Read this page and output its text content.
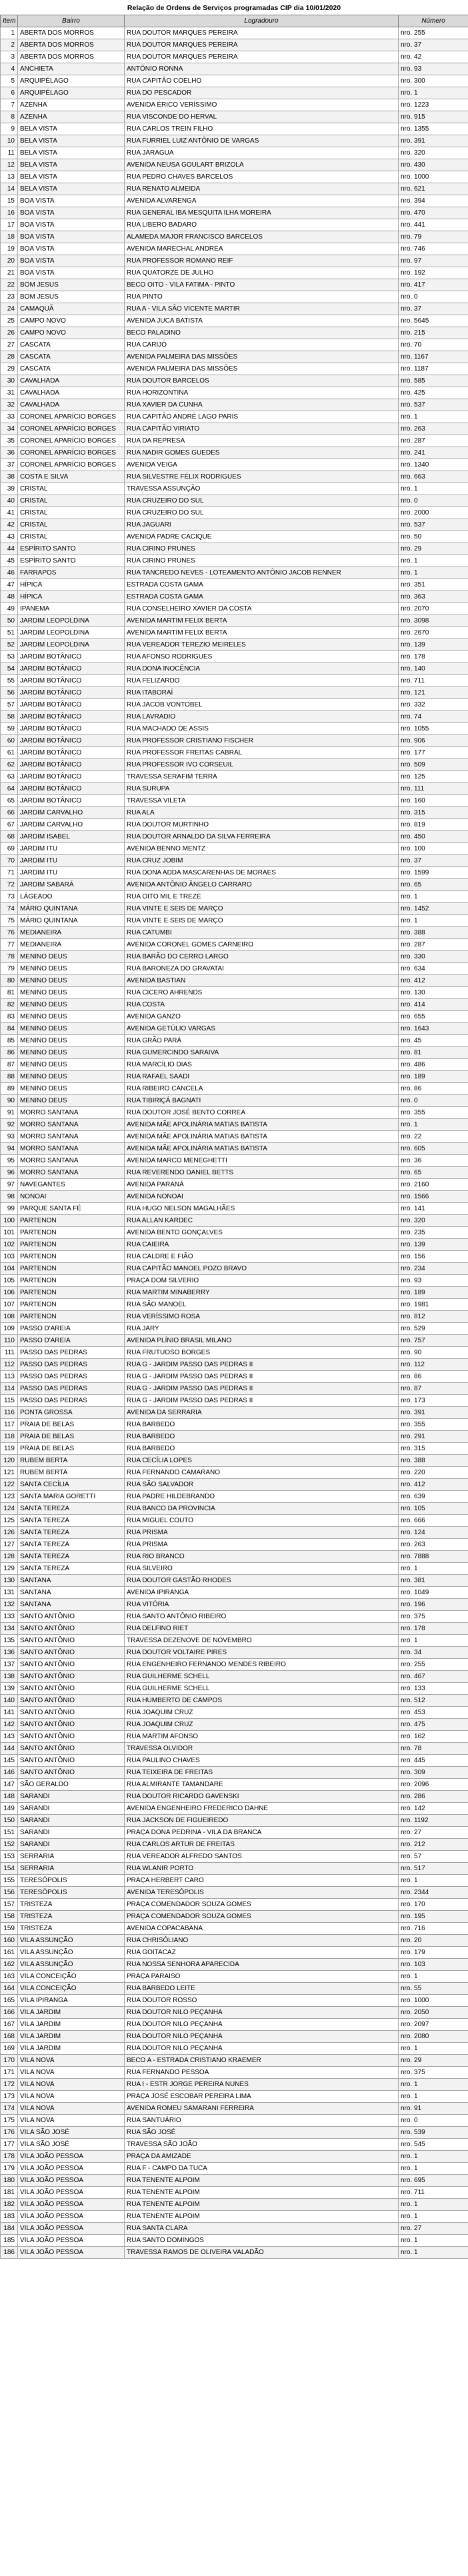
Relação de Ordens de Serviços programadas CIP dia 10/01/2020
Item	Bairro	Logradouro	Número
1	ABERTA DOS MORROS	RUA DOUTOR MARQUES PEREIRA	nro. 255
2	ABERTA DOS MORROS	RUA DOUTOR MARQUES PEREIRA	nro. 37
3	ABERTA DOS MORROS	RUA DOUTOR MARQUES PEREIRA	nro. 42
4	ANCHIETA	ANTÔNIO RONNA	nro. 93
5	ARQUIPÉLAGO	RUA CAPITÃO COELHO	nro. 300
6	ARQUIPÉLAGO	RUA DO PESCADOR	nro. 1
7	AZENHA	AVENIDA ÉRICO VERÍSSIMO	nro. 1223
8	AZENHA	RUA VISCONDE DO HERVAL	nro. 915
9	BELA VISTA	RUA CARLOS TREIN FILHO	nro. 1355
10	BELA VISTA	RUA FURRIEL LUIZ ANTÔNIO DE VARGAS	nro. 391
11	BELA VISTA	RUA JARAGUA	nro. 320
12	BELA VISTA	AVENIDA NEUSA GOULART BRIZOLA	nro. 430
13	BELA VISTA	RUA PEDRO CHAVES BARCELOS	nro. 1000
14	BELA VISTA	RUA RENATO ALMEIDA	nro. 621
15	BOA VISTA	AVENIDA ALVARENGA	nro. 394
16	BOA VISTA	RUA GENERAL IBA MESQUITA ILHA MOREIRA	nro. 470
17	BOA VISTA	RUA LIBERO BADARO	nro. 441
18	BOA VISTA	ALAMEDA MAJOR FRANCISCO BARCELOS	nro. 79
19	BOA VISTA	AVENIDA MARECHAL ANDREA	nro. 746
20	BOA VISTA	RUA PROFESSOR ROMANO REIF	nro. 97
21	BOA VISTA	RUA QUATORZE DE JULHO	nro. 192
22	BOM JESUS	BECO OITO - VILA FATIMA - PINTO	nro. 417
23	BOM JESUS	RUA PINTO	nro. 0
24	CAMAQUÃ	RUA A - VILA SÃO VICENTE MARTIR	nro. 37
25	CAMPO NOVO	AVENIDA JUCA BATISTA	nro. 5645
26	CAMPO NOVO	BECO PALADINO	nro. 215
27	CASCATA	RUA CARIJÓ	nro. 70
28	CASCATA	AVENIDA PALMEIRA DAS MISSÕES	nro. 1167
29	CASCATA	AVENIDA PALMEIRA DAS MISSÕES	nro. 1187
30	CAVALHADA	RUA DOUTOR BARCELOS	nro. 585
31	CAVALHADA	RUA HORIZONTINA	nro. 425
32	CAVALHADA	RUA XAVIER DA CUNHA	nro. 537
33	CORONEL APARÍCIO BORGES	RUA CAPITÃO ANDRÉ LAGO PARIS	nro. 1
34	CORONEL APARÍCIO BORGES	RUA CAPITÃO VIRIATO	nro. 263
35	CORONEL APARÍCIO BORGES	RUA DA REPRESA	nro. 287
36	CORONEL APARÍCIO BORGES	RUA NADIR GOMES GUEDES	nro. 241
37	CORONEL APARÍCIO BORGES	AVENIDA VEIGA	nro. 1340
38	COSTA E SILVA	RUA SILVESTRE FÉLIX RODRIGUES	nro. 663
39	CRISTAL	TRAVESSA ASSUNÇÃO	nro. 1
40	CRISTAL	RUA CRUZEIRO DO SUL	nro. 0
41	CRISTAL	RUA CRUZEIRO DO SUL	nro. 2000
42	CRISTAL	RUA JAGUARI	nro. 537
43	CRISTAL	AVENIDA PADRE CACIQUE	nro. 50
44	ESPÍRITO SANTO	RUA CIRINO PRUNES	nro. 29
45	ESPÍRITO SANTO	RUA CIRINO PRUNES	nro. 1
46	FARRAPOS	RUA TANCREDO NEVES - LOTEAMENTO ANTÔNIO JACOB RENNER	nro. 1
47	HÍPICA	ESTRADA COSTA GAMA	nro. 351
48	HÍPICA	ESTRADA COSTA GAMA	nro. 363
49	IPANEMA	RUA CONSELHEIRO XAVIER DA COSTA	nro. 2070
50	JARDIM LEOPOLDINA	AVENIDA MARTIM FELIX BERTA	nro. 3098
51	JARDIM LEOPOLDINA	AVENIDA MARTIM FELIX BERTA	nro. 2670
52	JARDIM LEOPOLDINA	RUA VEREADOR TEREZIO MEIRELES	nro. 139
53	JARDIM BOTÂNICO	RUA AFONSO RODRIGUES	nro. 178
54	JARDIM BOTÂNICO	RUA DONA INOCÊNCIA	nro. 140
55	JARDIM BOTÂNICO	RUA FELIZARDO	nro. 711
56	JARDIM BOTÂNICO	RUA ITABORAÍ	nro. 121
57	JARDIM BOTÂNICO	RUA JACOB VONTOBEL	nro. 332
58	JARDIM BOTÂNICO	RUA LAVRADIO	nro. 74
59	JARDIM BOTÂNICO	RUA MACHADO DE ASSIS	nro. 1055
60	JARDIM BOTÂNICO	RUA PROFESSOR CRISTIANO FISCHER	nro. 906
61	JARDIM BOTÂNICO	RUA PROFESSOR FREITAS CABRAL	nro. 177
62	JARDIM BOTÂNICO	RUA PROFESSOR IVO CORSEUIL	nro. 509
63	JARDIM BOTÂNICO	TRAVESSA SERAFIM TERRA	nro. 125
64	JARDIM BOTÂNICO	RUA SURUPA	nro. 111
65	JARDIM BOTÂNICO	TRAVESSA VILETA	nro. 160
66	JARDIM CARVALHO	RUA ALA	nro. 315
67	JARDIM CARVALHO	RUA DOUTOR MURTINHO	nro. 819
68	JARDIM ISABEL	RUA DOUTOR ARNALDO DA SILVA FERREIRA	nro. 450
69	JARDIM ITU	AVENIDA BENNO MENTZ	nro. 100
70	JARDIM ITU	RUA CRUZ JOBIM	nro. 37
71	JARDIM ITU	RUA DONA ADDA MASCARENHAS DE MORAES	nro. 1599
72	JARDIM SABARÁ	AVENIDA ANTÔNIO ÂNGELO CARRARO	nro. 65
73	LÁGEADO	RUA OITO MIL E TREZE	nro. 1
74	MÁRIO QUINTANA	RUA VINTE E SEIS DE MARÇO	nro. 1452
75	MÁRIO QUINTANA	RUA VINTE E SEIS DE MARÇO	nro. 1
76	MEDIANEIRA	RUA CATUMBI	nro. 388
77	MEDIANEIRA	AVENIDA CORONEL GOMES CARNEIRO	nro. 287
78	MENINO DEUS	RUA BARÃO DO CERRO LARGO	nro. 330
79	MENINO DEUS	RUA BARONEZA DO GRAVATAI	nro. 634
80	MENINO DEUS	AVENIDA BASTIAN	nro. 412
81	MENINO DEUS	RUA CICERO AHRENDS	nro. 130
82	MENINO DEUS	RUA COSTA	nro. 414
83	MENINO DEUS	AVENIDA GANZO	nro. 655
84	MENINO DEUS	AVENIDA GETÚLIO VARGAS	nro. 1643
85	MENINO DEUS	RUA GRÃO PARÁ	nro. 45
86	MENINO DEUS	RUA GUMERCINDO SARAIVA	nro. 81
87	MENINO DEUS	RUA MARCÍLIO DIAS	nro. 486
88	MENINO DEUS	RUA RAFAEL SAADI	nro. 189
89	MENINO DEUS	RUA RIBEIRO CANCELA	nro. 86
90	MENINO DEUS	RUA TIBIRIÇÁ BAGNATI	nro. 0
91	MORRO SANTANA	RUA DOUTOR JOSÉ BENTO CORREA	nro. 355
92	MORRO SANTANA	AVENIDA MÃE APOLINÁRIA MATIAS BATISTA	nro. 1
93	MORRO SANTANA	AVENIDA MÃE APOLINÁRIA MATIAS BATISTA	nro. 22
94	MORRO SANTANA	AVENIDA MÃE APOLINÁRIA MATIAS BATISTA	nro. 605
95	MORRO SANTANA	AVENIDA MARCO MENEGHETTI	nro. 36
96	MORRO SANTANA	RUA REVERENDO DANIEL BETTS	nro. 65
97	NAVEGANTES	AVENIDA PARANÁ	nro. 2160
98	NONOAI	AVENIDA NONOAI	nro. 1566
99	PARQUE SANTA FÉ	RUA HUGO NELSON MAGALHÃES	nro. 141
100	PARTENON	RUA ALLAN KARDEC	nro. 320
101	PARTENON	AVENIDA BENTO GONÇALVES	nro. 235
102	PARTENON	RUA CAIEIRA	nro. 139
103	PARTENON	RUA CALDRE E FIÃO	nro. 156
104	PARTENON	RUA CAPITÃO MANOEL POZO BRAVO	nro. 234
105	PARTENON	PRAÇA DOM SILVERIO	nro. 93
106	PARTENON	RUA MARTIM MINABERRY	nro. 189
107	PARTENON	RUA SÃO MANOEL	nro. 1981
108	PARTENON	RUA VERÍSSIMO ROSA	nro. 812
109	PASSO D'AREIA	RUA JARY	nro. 529
110	PASSO D'AREIA	AVENIDA PLÍNIO BRASIL MILANO	nro. 757
111	PASSO DAS PEDRAS	RUA FRUTUOSO BORGES	nro. 90
112	PASSO DAS PEDRAS	RUA G - JARDIM PASSO DAS PEDRAS II	nro. 112
113	PASSO DAS PEDRAS	RUA G - JARDIM PASSO DAS PEDRAS II	nro. 86
114	PASSO DAS PEDRAS	RUA G - JARDIM PASSO DAS PEDRAS II	nro. 87
115	PASSO DAS PEDRAS	RUA G - JARDIM PASSO DAS PEDRAS II	nro. 173
116	PONTA GROSSA	AVENIDA DA SERRARIA	nro. 391
117	PRAIA DE BELAS	RUA BARBEDO	nro. 355
118	PRAIA DE BELAS	RUA BARBEDO	nro. 291
119	PRAIA DE BELAS	RUA BARBEDO	nro. 315
120	RUBEM BERTA	RUA CECÍLIA LOPES	nro. 388
121	RUBEM BERTA	RUA FERNANDO CAMARANO	nro. 220
122	SANTA CECÍLIA	RUA SÃO SALVADOR	nro. 412
123	SANTA MARIA GORETTI	RUA PADRE HILDEBRANDO	nro. 639
124	SANTA TEREZA	RUA BANCO DA PROVINCIA	nro. 105
125	SANTA TEREZA	RUA MIGUEL COUTO	nro. 666
126	SANTA TEREZA	RUA PRISMA	nro. 124
127	SANTA TEREZA	RUA PRISMA	nro. 263
128	SANTA TEREZA	RUA RIO BRANCO	nro. 7888
129	SANTA TEREZA	RUA SILVEIRO	nro. 1
130	SANTANA	RUA DOUTOR GASTÃO RHODES	nro. 381
131	SANTANA	AVENIDA IPIRANGA	nro. 1049
132	SANTANA	RUA VITÓRIA	nro. 196
133	SANTO ANTÔNIO	RUA SANTO ANTÔNIO RIBEIRO	nro. 375
134	SANTO ANTÔNIO	RUA DELFINO RIET	nro. 178
135	SANTO ANTÔNIO	TRAVESSA DEZENOVE DE NOVEMBRO	nro. 1
136	SANTO ANTÔNIO	RUA DOUTOR VOLTAIRE PIRES	nro. 34
137	SANTO ANTÔNIO	RUA ENGENHEIRO FERNANDO MENDES RIBEIRO	nro. 255
138	SANTO ANTÔNIO	RUA GUILHERME SCHELL	nro. 467
139	SANTO ANTÔNIO	RUA GUILHERME SCHELL	nro. 133
140	SANTO ANTÔNIO	RUA HUMBERTO DE CAMPOS	nro. 512
141	SANTO ANTÔNIO	RUA JOAQUIM CRUZ	nro. 453
142	SANTO ANTÔNIO	RUA JOAQUIM CRUZ	nro. 475
143	SANTO ANTÔNIO	RUA MARTIM AFONSO	nro. 162
144	SANTO ANTÔNIO	TRAVESSA OLVIDOR	nro. 78
145	SANTO ANTÔNIO	RUA PAULINO CHAVES	nro. 445
146	SANTO ANTÔNIO	RUA TEIXEIRA DE FREITAS	nro. 309
147	SÃO GERALDO	RUA ALMIRANTE TAMANDARE	nro. 2096
148	SARANDI	RUA DOUTOR RICARDO GAVENSKI	nro. 286
149	SARANDI	AVENIDA ENGENHEIRO FREDERICO DAHNE	nro. 142
150	SARANDI	RUA JACKSON DE FIGUEIREDO	nro. 1192
151	SARANDI	PRAÇA DONA PEDRINA - VILA DA BRANCA	nro. 27
152	SARANDI	RUA CARLOS ARTUR DE FREITAS	nro. 212
153	SERRARIA	RUA VEREADOR ALFREDO SANTOS	nro. 57
154	SERRARIA	RUA WLANIR PORTO	nro. 517
155	TERESÓPOLIS	PRAÇA HERBERT CARO	nro. 1
156	TERESÓPOLIS	AVENIDA TERESÓPOLIS	nro. 2344
157	TRISTEZA	PRAÇA COMENDADOR SOUZA GOMES	nro. 170
158	TRISTEZA	PRAÇA COMENDADOR SOUZA GOMES	nro. 195
159	TRISTEZA	AVENIDA COPACABANA	nro. 716
160	VILA ASSUNÇÃO	RUA CHRISÓLIANO	nro. 20
161	VILA ASSUNÇÃO	RUA GOITACAZ	nro. 179
162	VILA ASSUNÇÃO	RUA NOSSA SENHORA APARECIDA	nro. 103
163	VILA CONCEIÇÃO	PRAÇA PARAISO	nro. 1
164	VILA CONCEIÇÃO	RUA BARBEDO LEITE	nro. 55
165	VILA IPIRANGA	RUA DOUTOR ROSSO	nro. 1000
166	VILA JARDIM	RUA DOUTOR NILO PEÇANHA	nro. 2050
167	VILA JARDIM	RUA DOUTOR NILO PEÇANHA	nro. 2097
168	VILA JARDIM	RUA DOUTOR NILO PEÇANHA	nro. 2080
169	VILA JARDIM	RUA DOUTOR NILO PEÇANHA	nro. 1
170	VILA NOVA	BECO A - ESTRADA CRISTIANO KRAEMER	nro. 29
171	VILA NOVA	RUA FERNANDO PESSOA	nro. 375
172	VILA NOVA	RUA I - ESTR JORGE PEREIRA NUNES	nro. 1
173	VILA NOVA	PRAÇA JOSÉ ESCOBAR PEREIRA LIMA	nro. 1
174	VILA NOVA	AVENIDA ROMEU SAMARANI FERREIRA	nro. 91
175	VILA NOVA	RUA SANTUÁRIO	nro. 0
176	VILA SÃO JOSÉ	RUA SÃO JOSÉ	nro. 539
177	VILA SÃO JOSÉ	TRAVESSA SÃO JOÃO	nro. 545
178	VILA JOÃO PESSOA	PRAÇA DA AMIZADE	nro. 1
179	VILA JOÃO PESSOA	RUA F - CAMPO DA TUCA	nro. 1
180	VILA JOÃO PESSOA	RUA TENENTE ALPOIM	nro. 695
181	VILA JOÃO PESSOA	RUA TENENTE ALPOIM	nro. 711
182	VILA JOÃO PESSOA	RUA TENENTE ALPOIM	nro. 1
183	VILA JOÃO PESSOA	RUA TENENTE ALPOIM	nro. 1
184	VILA JOÃO PESSOA	RUA SANTA CLARA	nro. 27
185	VILA JOÃO PESSOA	RUA SANTO DOMINGOS	nro. 1
186	VILA JOÃO PESSOA	TRAVESSA RAMOS DE OLIVEIRA VALADÃO	nro. 1
